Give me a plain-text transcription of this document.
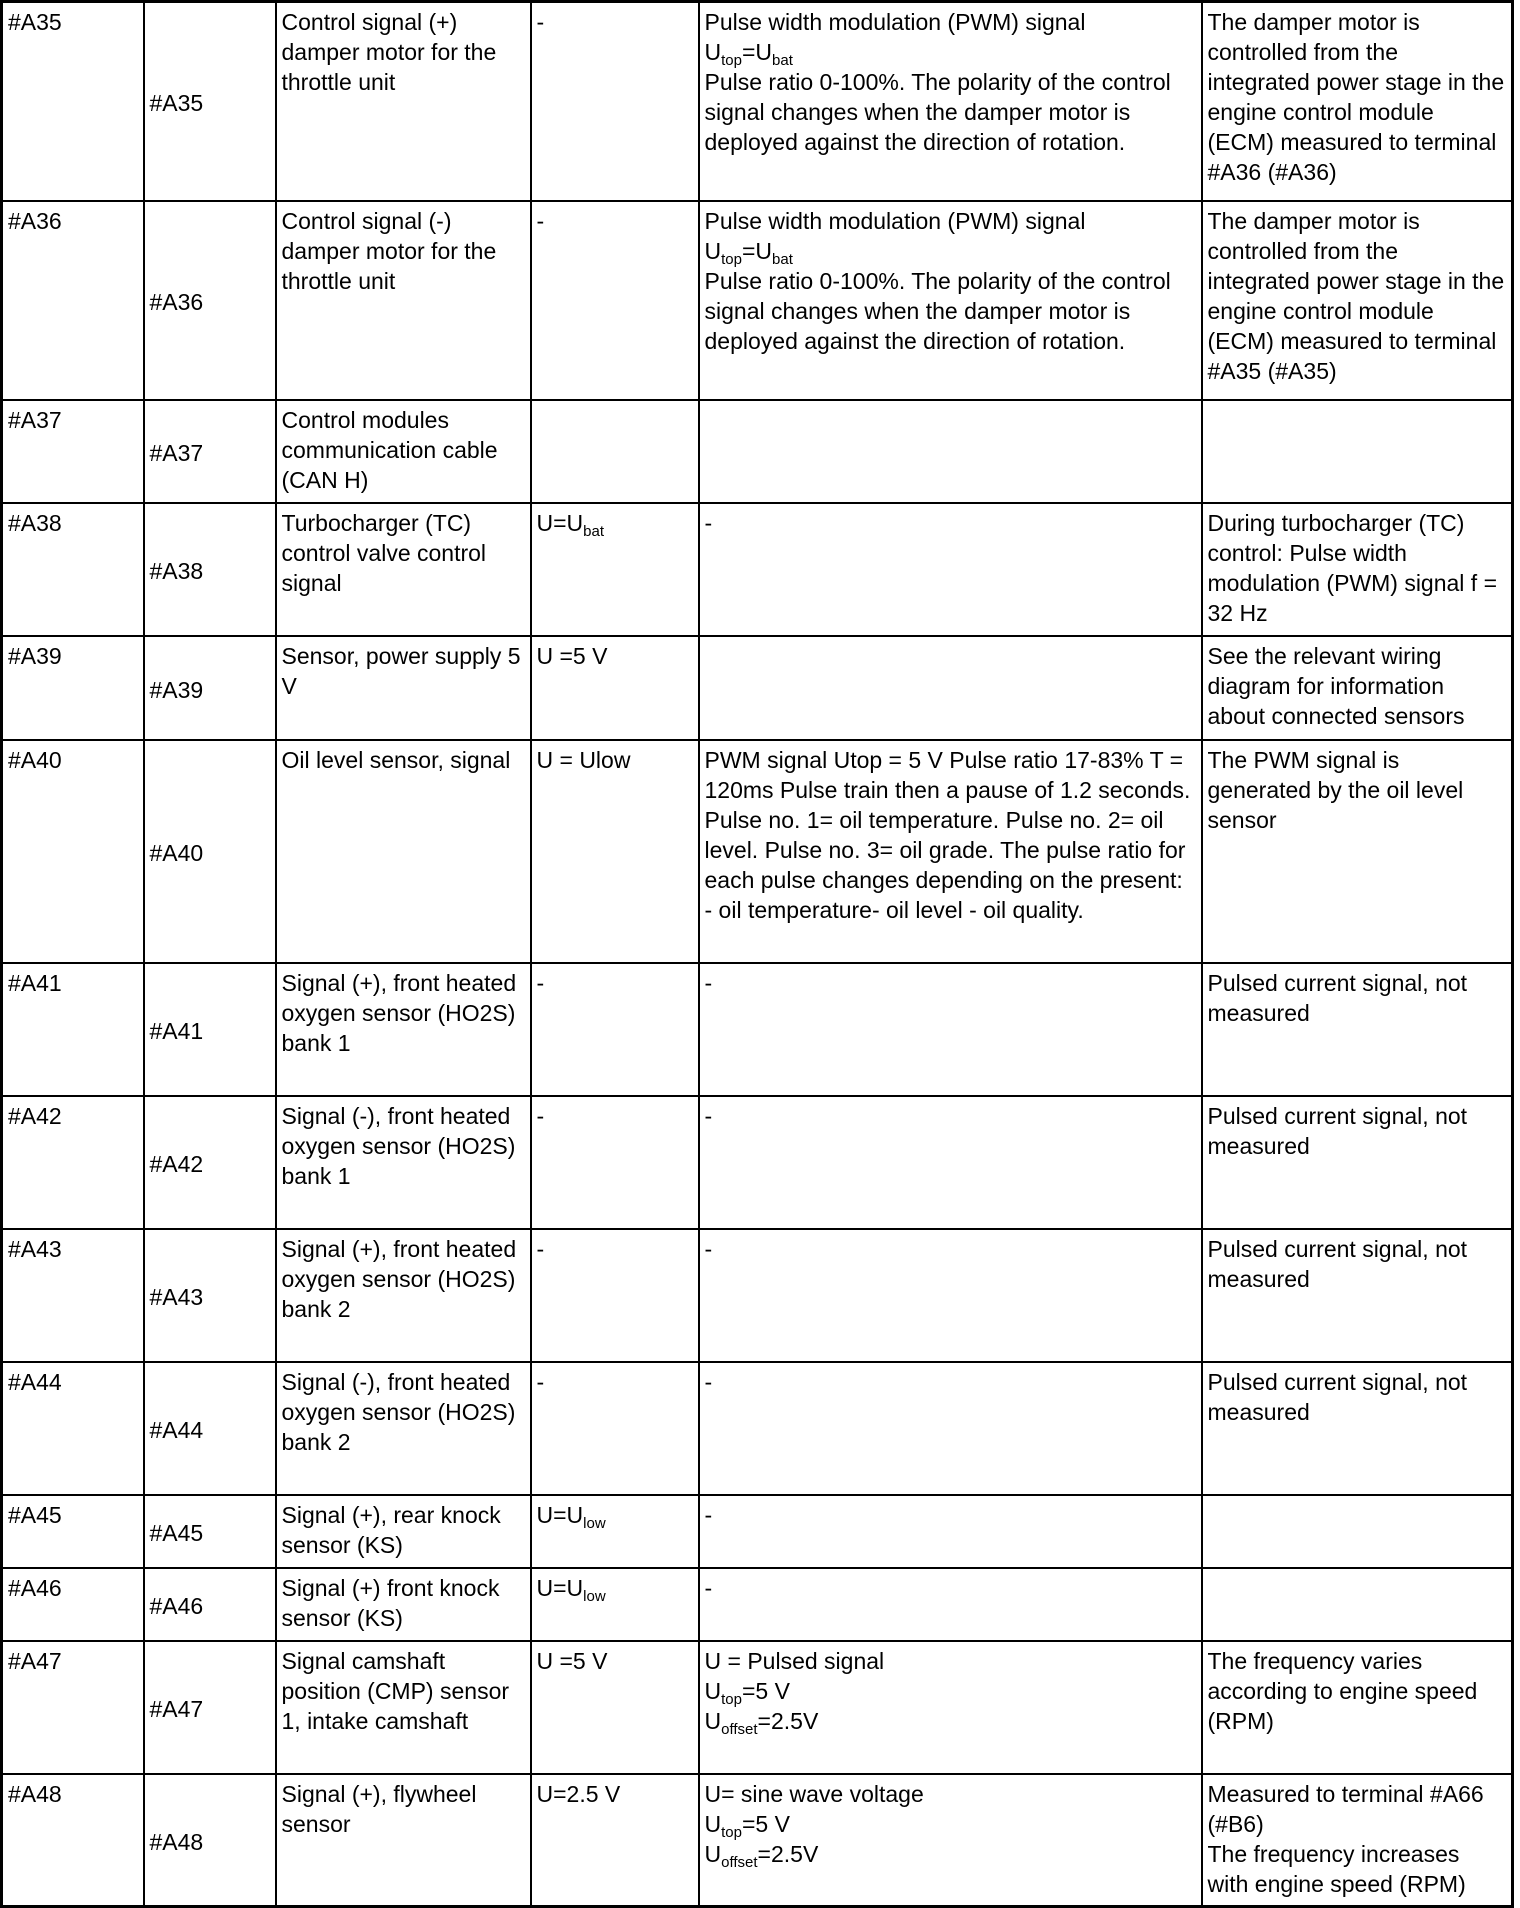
#A35	#A35	Control signal (+) damper motor for the throttle unit	-	Pulse width modulation (PWM) signal
$U_{top}=U_{bat}$
Pulse ratio 0-100%. The polarity of the control signal changes when the damper motor is deployed against the direction of rotation.	The damper motor is controlled from the integrated power stage in the engine control module (ECM) measured to terminal #A36 (#A36)

#A36	#A36	Control signal (-) damper motor for the throttle unit	-	Pulse width modulation (PWM) signal
$U_{top}=U_{bat}$
Pulse ratio 0-100%. The polarity of the control signal changes when the damper motor is deployed against the direction of rotation.	The damper motor is controlled from the integrated power stage in the engine control module (ECM) measured to terminal #A35 (#A35)

#A37	#A37	Control modules communication cable (CAN H)			
#A38	#A38	Turbocharger (TC) control valve control signal	$U=U_{bat}$	-	During turbocharger (TC) control: Pulse width modulation (PWM) signal f = 32 Hz

#A39	#A39	Sensor, power supply 5 V	U =5 V		See the relevant wiring diagram for information about connected sensors

#A40	#A40	Oil level sensor, signal	U = Ulow	PWM signal Utop = 5 V Pulse ratio 17-83% T = 120ms Pulse train then a pause of 1.2 seconds. Pulse no. 1= oil temperature. Pulse no. 2= oil level. Pulse no. 3= oil grade. The pulse ratio for each pulse changes depending on the present: - oil temperature- oil level - oil quality.	The PWM signal is generated by the oil level sensor

#A41	#A41	Signal (+), front heated oxygen sensor (HO2S) bank 1	-	-	Pulsed current signal, not measured

#A42	#A42	Signal (-), front heated oxygen sensor (HO2S) bank 1	-	-	Pulsed current signal, not measured

#A43	#A43	Signal (+), front heated oxygen sensor (HO2S) bank 2	-	-	Pulsed current signal, not measured

#A44	#A44	Signal (-), front heated oxygen sensor (HO2S) bank 2	-	-	Pulsed current signal, not measured

#A45	#A45	Signal (+), rear knock sensor (KS)	$U=U_{low}$	-	

#A46	#A46	Signal (+) front knock sensor (KS)	$U=U_{low}$	-	

#A47	#A47	Signal camshaft position (CMP) sensor 1, intake camshaft	U =5 V	U = Pulsed signal
$U_{top}=5$ V
$U_{offset}=2.5V$	The frequency varies according to engine speed (RPM)

#A48	#A48	Signal (+), flywheel sensor	U=2.5 V	U= sine wave voltage
$U_{top}=5$ V
$U_{offset}=2.5V$	Measured to terminal #A66 (#B6)
The frequency increases with engine speed (RPM)
